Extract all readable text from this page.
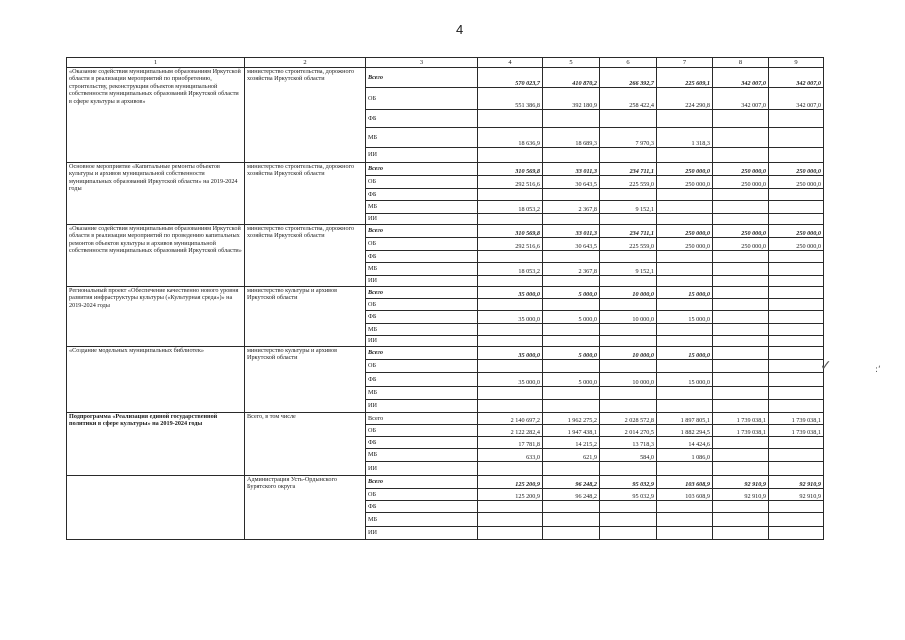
4
1	2	3	4	5	6	7	8	9
«Оказание содействия муниципальным образованиям Иркутской области в реализации мероприятий по приобретению, строительству, реконструкции объектов муниципальной собственности муниципальных образований Иркутской области в сфере культуры и архивов»	министерство строительства, дорожного хозяйства Иркутской области	Всего	570 023,7	410 870,2	266 392,7	225 609,1	342 007,0	342 007,0
		ОБ	551 386,8	392 180,9	258 422,4	224 290,8	342 007,0	342 007,0
		ФБ						
		МБ	18 636,9	18 689,3	7 970,3	1 318,3		
		ИИ						
Основное мероприятие «Капитальные ремонты объектов культуры и архивов муниципальной собственности муниципальных образований Иркутской области» на 2019-2024 годы	министерство строительства, дорожного хозяйства Иркутской области	Всего	310 569,8	33 011,3	234 711,1	250 000,0	250 000,0	250 000,0
		ОБ	292 516,6	30 643,5	225 559,0	250 000,0	250 000,0	250 000,0
		ФБ						
		МБ	18 053,2	2 367,8	9 152,1			
		ИИ						
«Оказание содействия муниципальным образованиям Иркутской области в реализации мероприятий по проведению капитальных ремонтов объектов культуры и архивов муниципальной собственности муниципальных образований Иркутской области»	министерство строительства, дорожного хозяйства Иркутской области	Всего	310 569,8	33 011,3	234 711,1	250 000,0	250 000,0	250 000,0
		ОБ	292 516,6	30 643,5	225 559,0	250 000,0	250 000,0	250 000,0
		ФБ						
		МБ	18 053,2	2 367,8	9 152,1			
		ИИ						
Региональный проект «Обеспечение качественно нового уровня развития инфраструктуры культуры («Культурная среда»)» на 2019-2024 годы	министерство культуры и архивов Иркутской области	Всего	35 000,0	5 000,0	10 000,0	15 000,0		
		ОБ						
		ФБ	35 000,0	5 000,0	10 000,0	15 000,0		
		МБ						
		ИИ						
«Создание модельных муниципальных библиотек»	министерство культуры и архивов Иркутской области	Всего	35 000,0	5 000,0	10 000,0	15 000,0		
		ОБ						
		ФБ	35 000,0	5 000,0	10 000,0	15 000,0		
		МБ						
		ИИ						
Подпрограмма «Реализация единой государственной политики в сфере культуры» на 2019-2024 годы	Всего, в том числе	Всего	2 140 697,2	1 962 275,2	2 028 572,8	1 897 805,1	1 739 038,1	1 739 038,1
		ОБ	2 122 282,4	1 947 438,1	2 014 270,5	1 882 294,5	1 739 038,1	1 739 038,1
		ФБ	17 781,8	14 215,2	13 718,3	14 424,6		
		МБ	633,0	621,9	584,0	1 086,0		
		ИИ						
	Администрация Усть-Ордынского Бурятского округа	Всего	125 200,9	96 248,2	95 032,9	103 608,9	92 910,9	92 910,9
		ОБ	125 200,9	96 248,2	95 032,9	103 608,9	92 910,9	92 910,9
		ФБ						
		МБ						
		ИИ						
✓	:‘
